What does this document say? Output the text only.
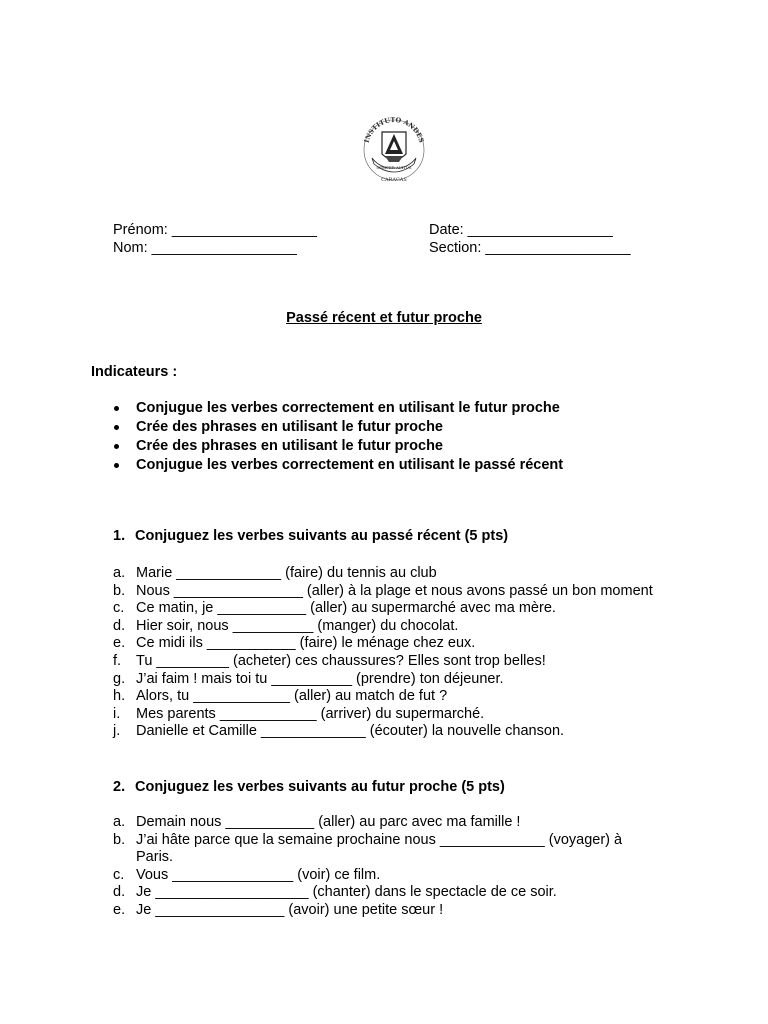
INSTITUTO ANDES
SEMPER ALTIUS
CARACAS
Prénom: __________________	Date: __________________
Nom: __________________	Section: __________________
Passé récent et futur proche
Indicateurs :
Conjugue les verbes correctement en utilisant le futur proche
Crée des phrases en utilisant le futur proche
Crée des phrases en utilisant le futur proche
Conjugue les verbes correctement en utilisant le passé récent
1. Conjuguez les verbes suivants au passé récent (5 pts)
a. Marie _____________ (faire) du tennis au club
b. Nous ________________ (aller) à la plage et nous avons passé un bon moment
c. Ce matin, je ___________ (aller) au supermarché avec ma mère.
d. Hier soir, nous __________ (manger) du chocolat.
e. Ce midi ils ___________ (faire) le ménage chez eux.
f. Tu _________ (acheter) ces chaussures? Elles sont trop belles!
g. J’ai faim ! mais toi tu __________ (prendre) ton déjeuner.
h. Alors, tu ____________ (aller) au match de fut ?
i. Mes parents ____________ (arriver) du supermarché.
j. Danielle et Camille _____________ (écouter) la nouvelle chanson.
2. Conjuguez les verbes suivants au futur proche (5 pts)
a. Demain nous ___________ (aller) au parc avec ma famille !
b. J’ai hâte parce que la semaine prochaine nous _____________ (voyager) à
Paris.
c. Vous _______________ (voir) ce film.
d. Je ___________________ (chanter) dans le spectacle de ce soir.
e. Je ________________ (avoir) une petite sœur !
